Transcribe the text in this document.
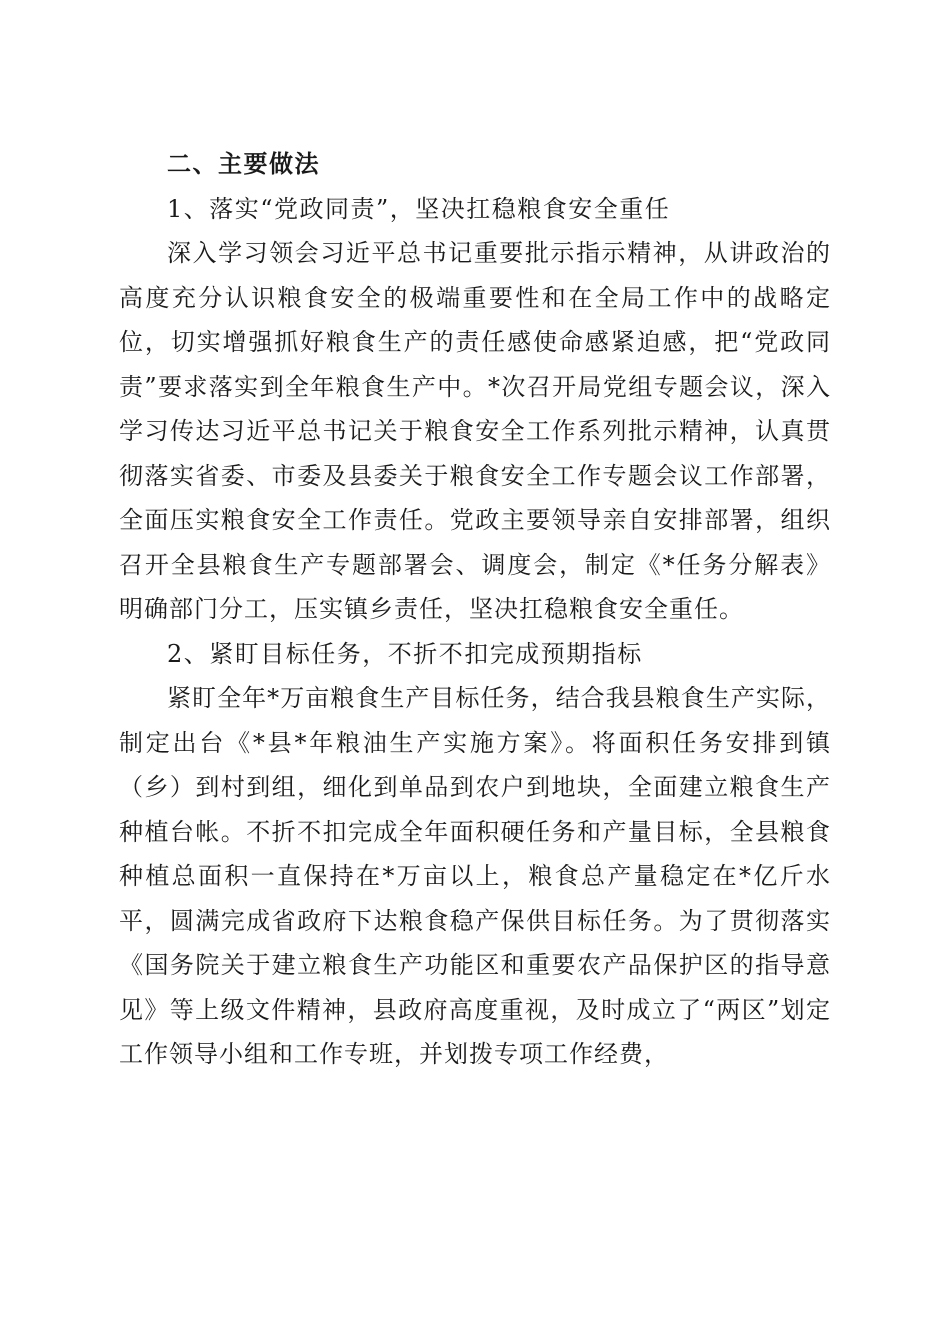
二、主要做法

1、落实“党政同责”，坚决扛稳粮食安全重任

深入学习领会习近平总书记重要批示指示精神，从讲政治的高度充分认识粮食安全的极端重要性和在全局工作中的战略定位，切实增强抓好粮食生产的责任感使命感紧迫感，把“党政同责”要求落实到全年粮食生产中。*次召开局党组专题会议，深入学习传达习近平总书记关于粮食安全工作系列批示精神，认真贯彻落实省委、市委及县委关于粮食安全工作专题会议工作部署，全面压实粮食安全工作责任。党政主要领导亲自安排部署，组织召开全县粮食生产专题部署会、调度会，制定《*任务分解表》明确部门分工，压实镇乡责任，坚决扛稳粮食安全重任。

2、紧盯目标任务，不折不扣完成预期指标

紧盯全年*万亩粮食生产目标任务，结合我县粮食生产实际，制定出台《*县*年粮油生产实施方案》。将面积任务安排到镇（乡）到村到组，细化到单品到农户到地块，全面建立粮食生产种植台帐。不折不扣完成全年面积硬任务和产量目标，全县粮食种植总面积一直保持在*万亩以上，粮食总产量稳定在*亿斤水平，圆满完成省政府下达粮食稳产保供目标任务。为了贯彻落实《国务院关于建立粮食生产功能区和重要农产品保护区的指导意见》等上级文件精神，县政府高度重视，及时成立了“两区”划定工作领导小组和工作专班，并划拨专项工作经费，
